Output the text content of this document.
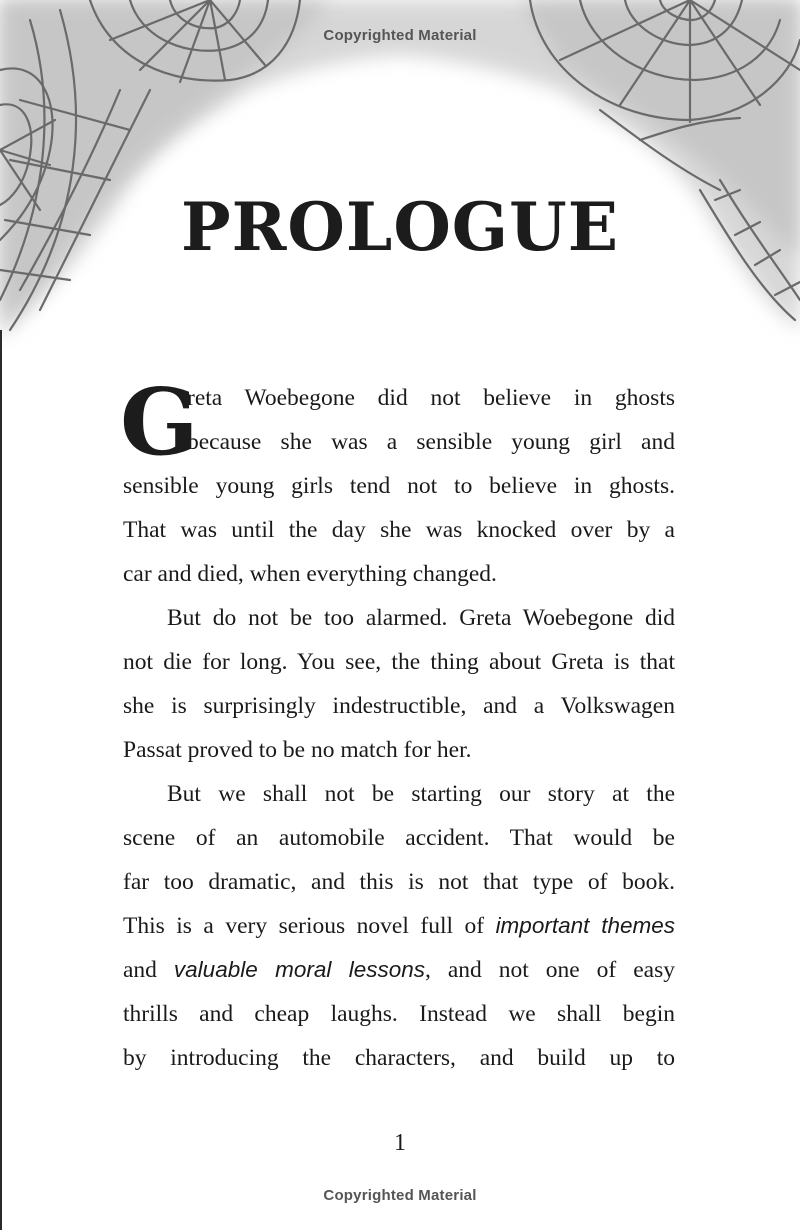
Copyrighted Material
PROLOGUE
G
reta Woebegone did not believe in ghosts
because she was a sensible young girl and
sensible young girls tend not to believe in ghosts.
That was until the day she was knocked over by a
car and died, when everything changed.
But do not be too alarmed. Greta Woebegone did
not die for long. You see, the thing about Greta is that
she is surprisingly indestructible, and a Volkswagen
Passat proved to be no match for her.
But we shall not be starting our story at the
scene of an automobile accident. That would be
far too dramatic, and this is not that type of book.
This is a very serious novel full of important themes
and valuable moral lessons, and not one of easy
thrills and cheap laughs. Instead we shall begin
by introducing the characters, and build up to
1
Copyrighted Material
